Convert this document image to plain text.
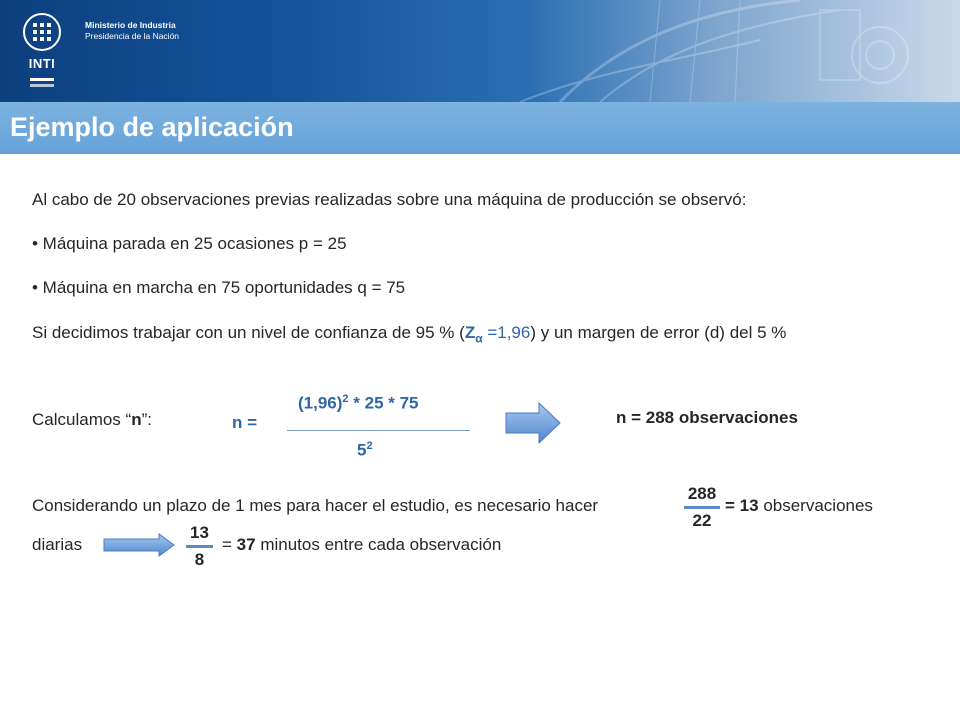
INTI
Ministerio de Industria
Presidencia de la Nación
Ejemplo de aplicación
Al cabo de 20 observaciones previas realizadas sobre una máquina de producción se observó:
• Máquina parada en 25 ocasiones p = 25
• Máquina en marcha en 75 oportunidades q = 75
Si decidimos trabajar con un nivel de confianza de 95 % $(Z_\alpha =1,96)$ y un margen de error (d) del 5 %
Calculamos “n”:	n =
$(1,96)^2 * 25 * 75$
$5^2$
n = 288 observaciones
Considerando un plazo de 1 mes para hacer el estudio, es necesario hacer
288
22
= 13 observaciones
diarias
13
8
= 37 minutos entre cada observación
